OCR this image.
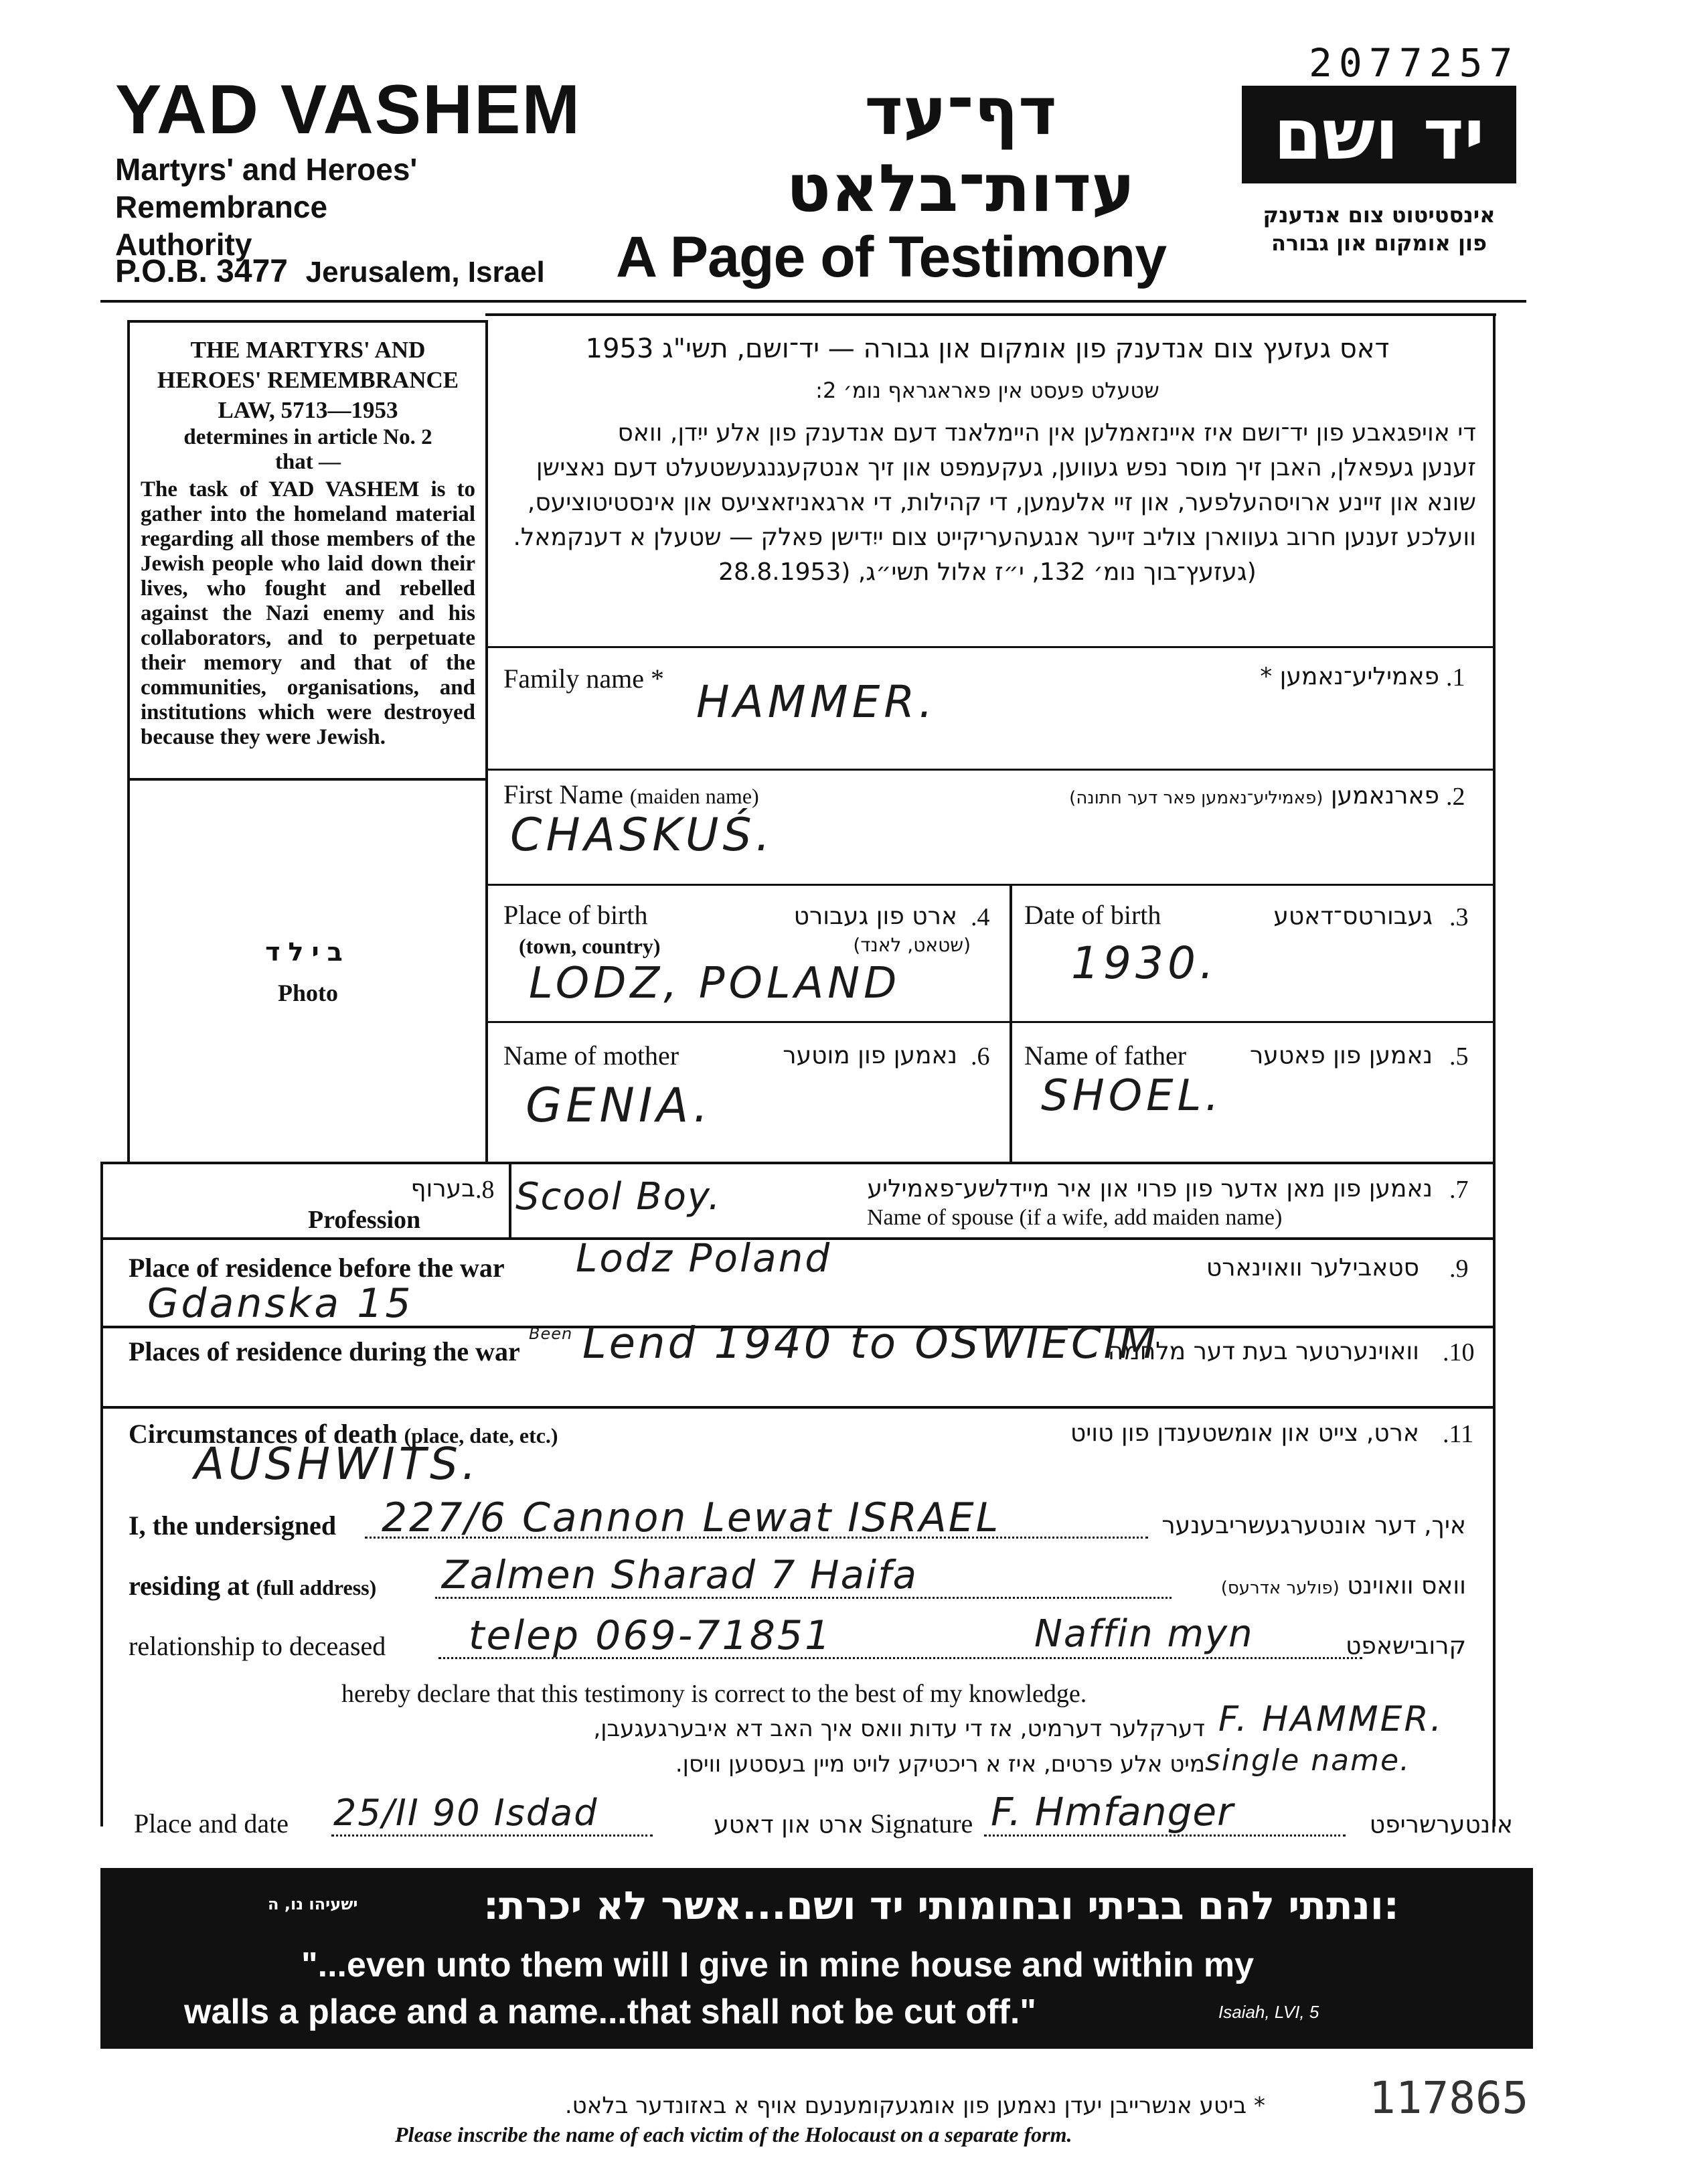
2077257
YAD VASHEM
Martyrs' and Heroes'
Remembrance
Authority
P.O.B. 3477 Jerusalem, Israel
דף־עד
עדות־בלאט
A Page of Testimony
יד ושם
אינסטיטוט צום אנדענק
פון אומקום און גבורה
THE MARTYRS' AND
HEROES' REMEMBRANCE
LAW, 5713—1953
determines in article No. 2
that —
The task of YAD VASHEM is to gather into the homeland material regarding all those members of the Jewish people who laid down their lives, who fought and rebelled against the Nazi enemy and his collaborators, and to perpetuate their memory and that of the communities, organisations, and institutions which were destroyed because they were Jewish.
בילד
Photo
דאס געזעץ צום אנדענק פון אומקום און גבורה — יד־ושם, תשי"ג 1953
שטעלט פעסט אין פאראגראף נומ׳ 2:
די אויפגאבע פון יד־ושם איז איינזאמלען אין היימלאנד דעם אנדענק פון אלע ייִדן, וואס
זענען געפאלן, האבן זיך מוסר נפש געווען, געקעמפט און זיך אנטקעגנגעשטעלט דעם נאצישן
שונא און זיינע ארויסהעלפער, און זיי אלעמען, די קהילות, די ארגאניזאציעס און אינסטיטוציעס,
וועלכע זענען חרוב געווארן צוליב זייער אנגעהעריקייט צום ייִדישן פאלק — שטעלן א דענקמאל.
(געזעץ־בוך נומ׳ 132, י״ז אלול תשי״ג, (28.8.1953
Family name *	פאמיליע־נאמען * .1
HAMMER.
First Name (maiden name)	פארנאמען (פאמיליע־נאמען פאר דער חתונה)	.2
CHASKUŚ.
Place of birth
(town, country)
ארט פון געבורט
(שטאט, לאנד)
.4
LODZ, POLAND
Date of birth	געבורטס־דאטע .3
1930.
Name of mother	נאמען פון מוטער .6
GENIA.
Name of father	נאמען פון פאטער .5
SHOEL.
בערוף .8
Profession
נאמען פון מאן אדער פון פרוי און איר מיידלשע־פאמיליע .7
Name of spouse (if a wife, add maiden name)
Scool Boy.
Place of residence before the war	סטאבילער וואוינארט .9
Lodz Poland
Gdanska 15
Places of residence during the war	וואוינערטער בעת דער מלחמה .10
Been Lend 1940 to OSWIECIM
Circumstances of death (place, date, etc.)	ארט, צייט און אומשטענדן פון טויט .11
AUSHWITS.
I, the undersigned 227/6 Cannon Lewat ISRAEL	איך, דער אונטערגעשריבענער
residing at (full address) Zalmen Sharad 7 Haifa	וואס וואוינט (פולער אדרעס)
relationship to deceased telep 069-71851	Naffin myn	קרובישאפט
hereby declare that this testimony is correct to the best of my knowledge.
דערקלער דערמיט, אז די עדות וואס איך האב דא איבערגעגעבן,
מיט אלע פרטים, איז א ריכטיקע לויט מיין בעסטען וויסן.
F. HAMMER.
single name.
Place and date 25/II 90 Isdad	ארט און דאטע Signature F. Hmfanger	אונטערשריפט
:ונתתי להם בביתי ובחומותי יד ושם...אשר לא יכרת:
ישעיהו נו, ה
"...even unto them will I give in mine house and within my
walls a place and a name...that shall not be cut off."	Isaiah, LVI, 5
* ביטע אנשרייבן יעדן נאמען פון אומגעקומענעם אויף א באזונדער בלאט.
Please inscribe the name of each victim of the Holocaust on a separate form.
117865
